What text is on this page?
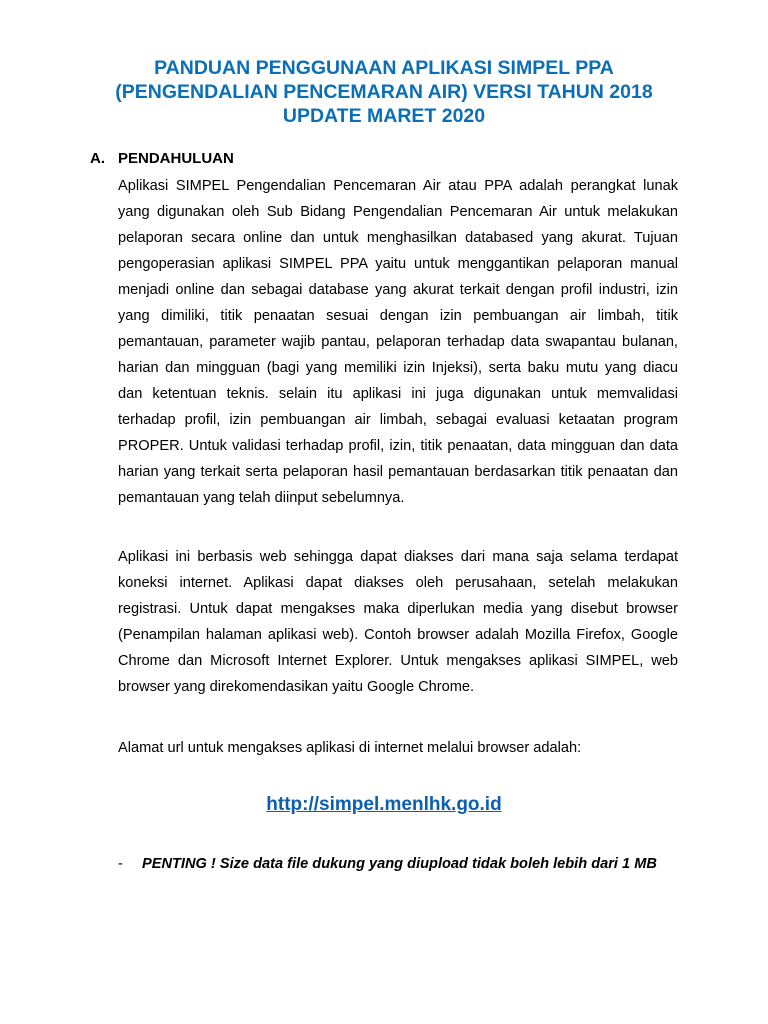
PANDUAN PENGGUNAAN APLIKASI SIMPEL PPA
(PENGENDALIAN PENCEMARAN AIR) VERSI TAHUN 2018
UPDATE MARET 2020
A. PENDAHULUAN
Aplikasi SIMPEL Pengendalian Pencemaran Air atau PPA adalah perangkat lunak
yang digunakan oleh Sub Bidang Pengendalian Pencemaran Air untuk melakukan
pelaporan secara online dan untuk menghasilkan databased yang akurat. Tujuan
pengoperasian aplikasi SIMPEL PPA yaitu untuk menggantikan pelaporan manual
menjadi online dan sebagai database yang akurat terkait dengan profil industri, izin
yang dimiliki, titik penaatan sesuai dengan izin pembuangan air limbah, titik
pemantauan, parameter wajib pantau, pelaporan terhadap data swapantau bulanan,
harian dan mingguan (bagi yang memiliki izin Injeksi), serta baku mutu yang diacu
dan ketentuan teknis. selain itu aplikasi ini juga digunakan untuk memvalidasi
terhadap profil, izin pembuangan air limbah, sebagai evaluasi ketaatan program
PROPER. Untuk validasi terhadap profil, izin, titik penaatan, data mingguan dan data
harian yang terkait serta pelaporan hasil pemantauan berdasarkan titik penaatan dan
pemantauan yang telah diinput sebelumnya.
Aplikasi ini berbasis web sehingga dapat diakses dari mana saja selama terdapat
koneksi internet. Aplikasi dapat diakses oleh perusahaan, setelah melakukan
registrasi. Untuk dapat mengakses maka diperlukan media yang disebut browser
(Penampilan halaman aplikasi web). Contoh browser adalah Mozilla Firefox, Google
Chrome dan Microsoft Internet Explorer. Untuk mengakses aplikasi SIMPEL, web
browser yang direkomendasikan yaitu Google Chrome.
Alamat url untuk mengakses aplikasi di internet melalui browser adalah:
http://simpel.menlhk.go.id
- PENTING ! Size data file dukung yang diupload tidak boleh lebih dari 1 MB
